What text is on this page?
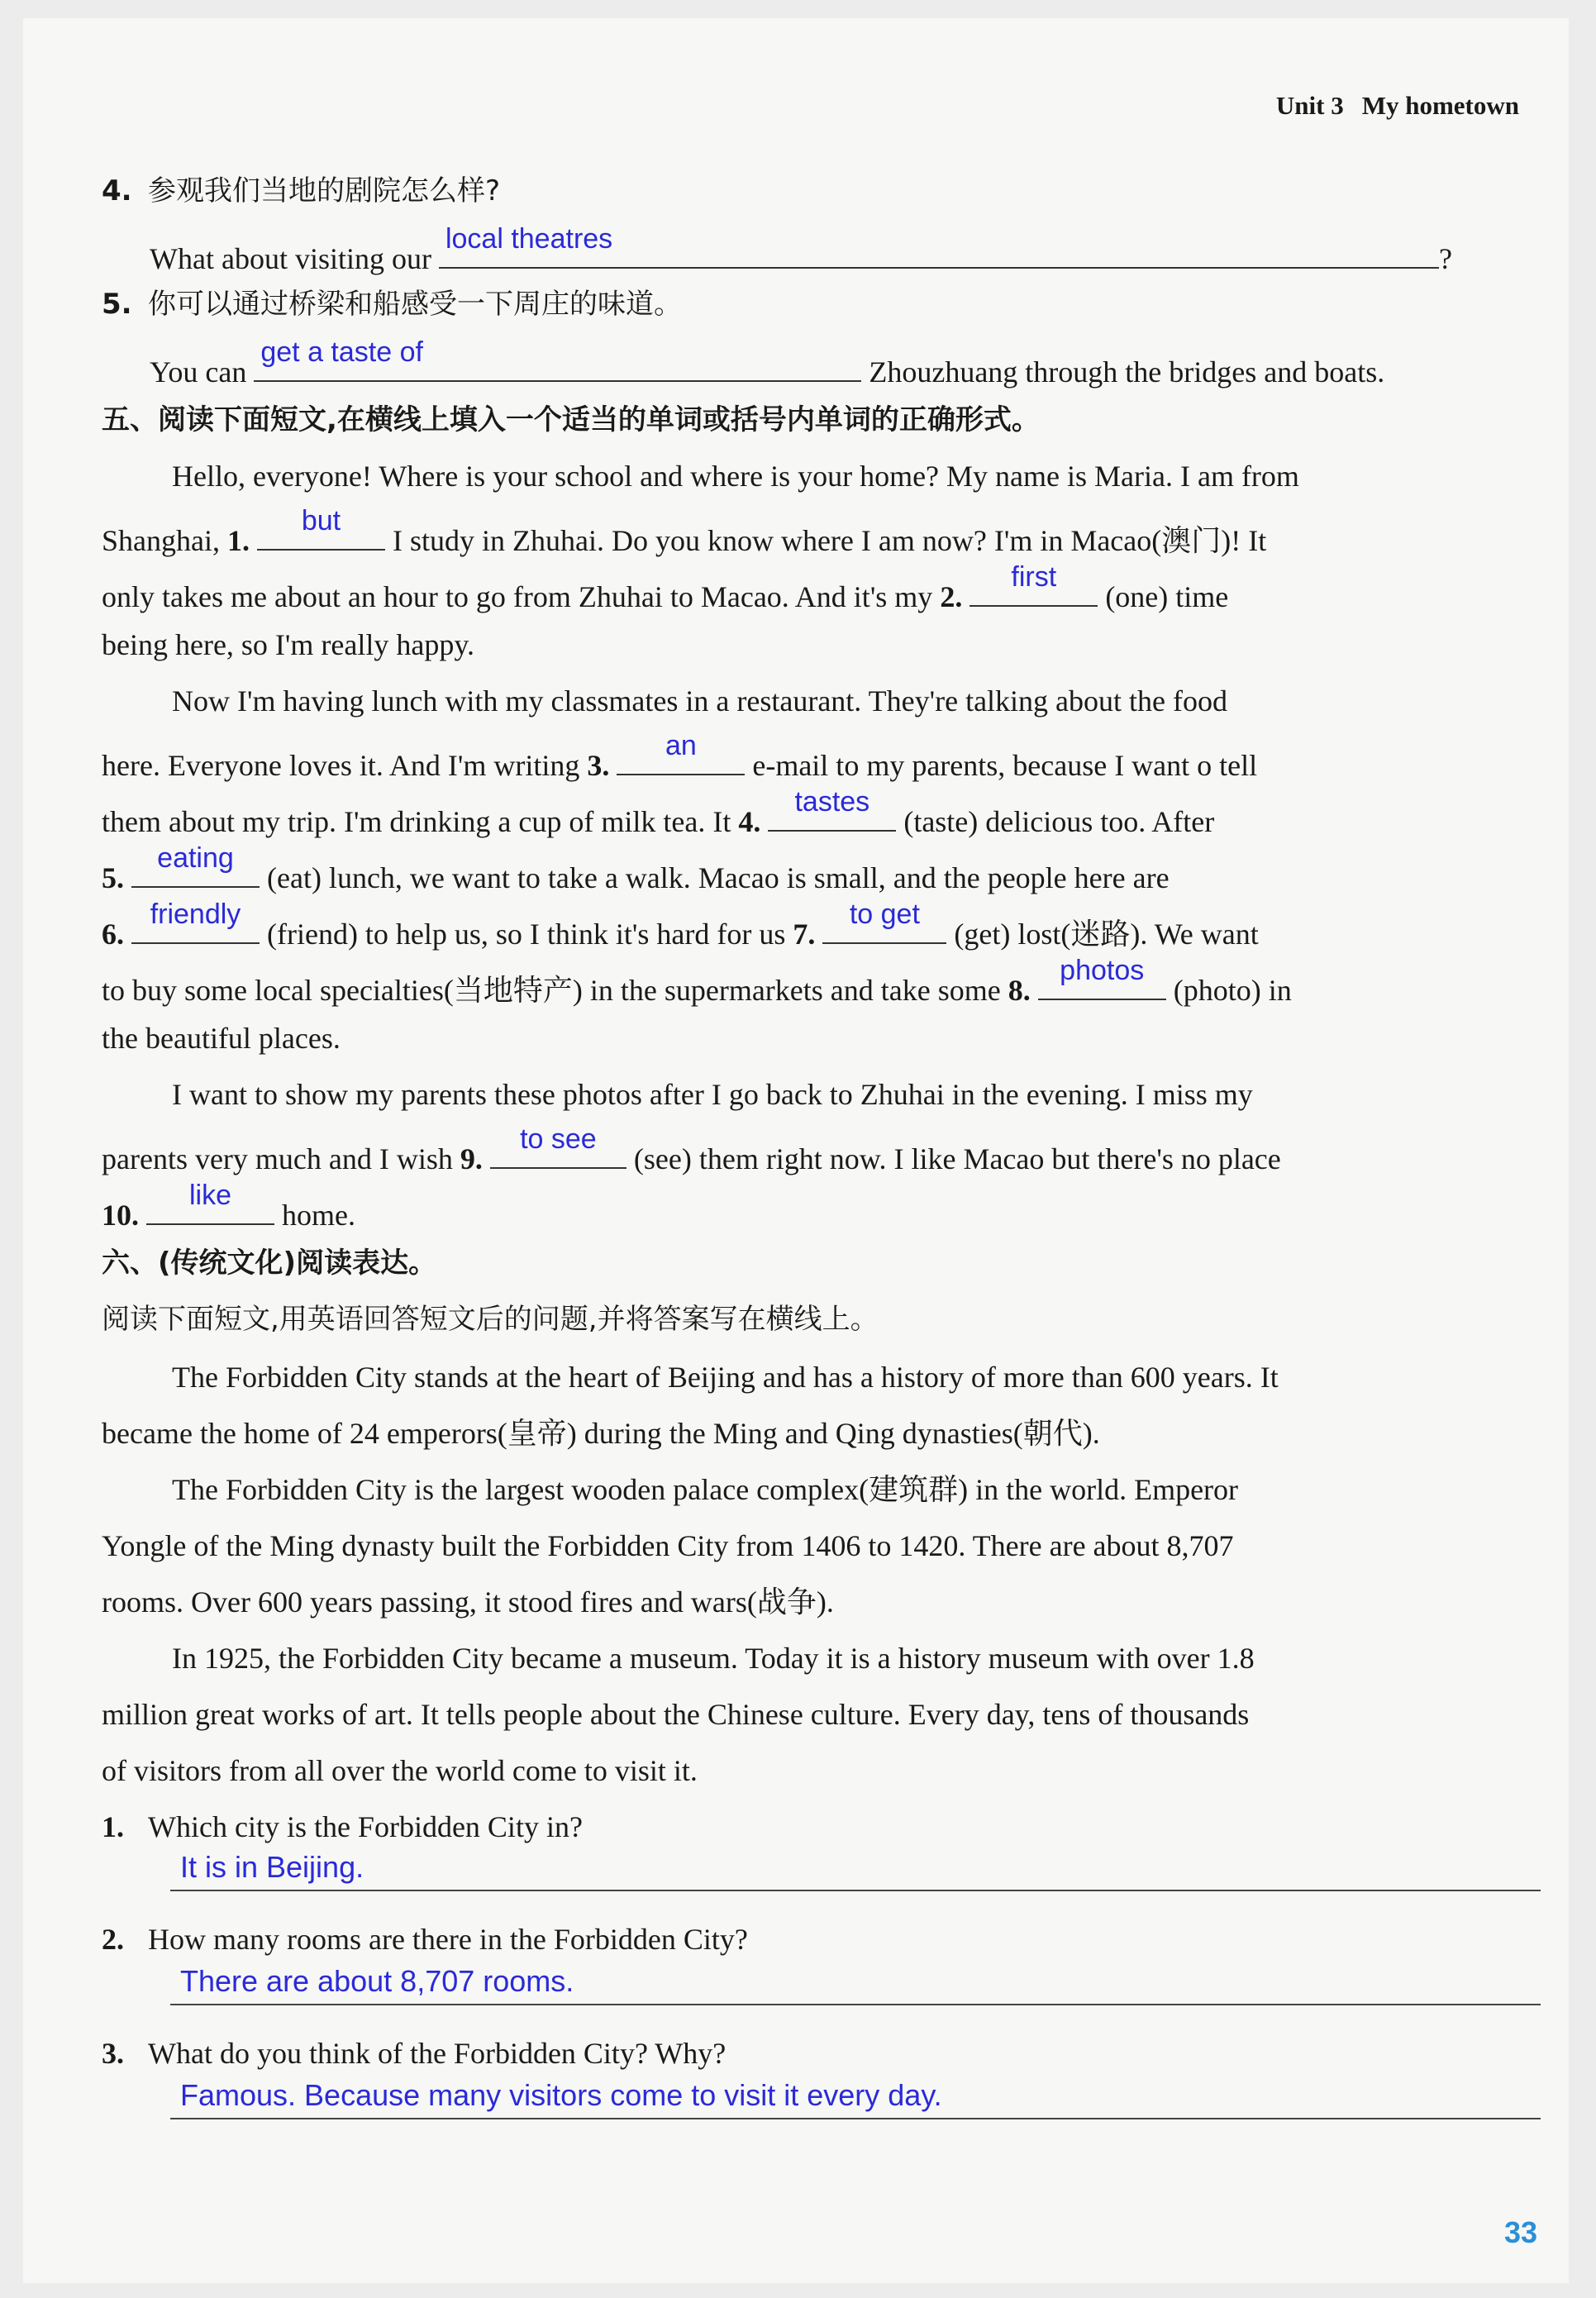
Unit 3 My hometown
4. 参观我们当地的剧院怎么样?
What about visiting our
local theatres
?
5. 你可以通过桥梁和船感受一下周庄的味道。
You can
get a taste of
Zhouzhuang through the bridges and boats.
五、阅读下面短文,在横线上填入一个适当的单词或括号内单词的正确形式。
Hello, everyone! Where is your school and where is your home? My name is Maria. I am from
Shanghai, 1.
but
I study in Zhuhai. Do you know where I am now? I'm in Macao(澳门)! It
only takes me about an hour to go from Zhuhai to Macao. And it's my 2.
first
(one) time
being here, so I'm really happy.
Now I'm having lunch with my classmates in a restaurant. They're talking about the food
here. Everyone loves it. And I'm writing 3.
an
e-mail to my parents, because I want o tell
them about my trip. I'm drinking a cup of milk tea. It 4.
tastes
(taste) delicious too. After
5.
eating
(eat) lunch, we want to take a walk. Macao is small, and the people here are
6.
friendly
(friend) to help us, so I think it's hard for us 7.
to get
(get) lost(迷路). We want
to buy some local specialties(当地特产) in the supermarkets and take some 8.
photos
(photo) in
the beautiful places.
I want to show my parents these photos after I go back to Zhuhai in the evening. I miss my
parents very much and I wish 9.
to see
(see) them right now. I like Macao but there's no place
10.
like
home.
六、(传统文化)阅读表达。
阅读下面短文,用英语回答短文后的问题,并将答案写在横线上。
The Forbidden City stands at the heart of Beijing and has a history of more than 600 years. It
became the home of 24 emperors(皇帝) during the Ming and Qing dynasties(朝代).
The Forbidden City is the largest wooden palace complex(建筑群) in the world. Emperor
Yongle of the Ming dynasty built the Forbidden City from 1406 to 1420. There are about 8,707
rooms. Over 600 years passing, it stood fires and wars(战争).
In 1925, the Forbidden City became a museum. Today it is a history museum with over 1.8
million great works of art. It tells people about the Chinese culture. Every day, tens of thousands
of visitors from all over the world come to visit it.
1. Which city is the Forbidden City in?
It is in Beijing.
2. How many rooms are there in the Forbidden City?
There are about 8,707 rooms.
3. What do you think of the Forbidden City? Why?
Famous. Because many visitors come to visit it every day.
33
